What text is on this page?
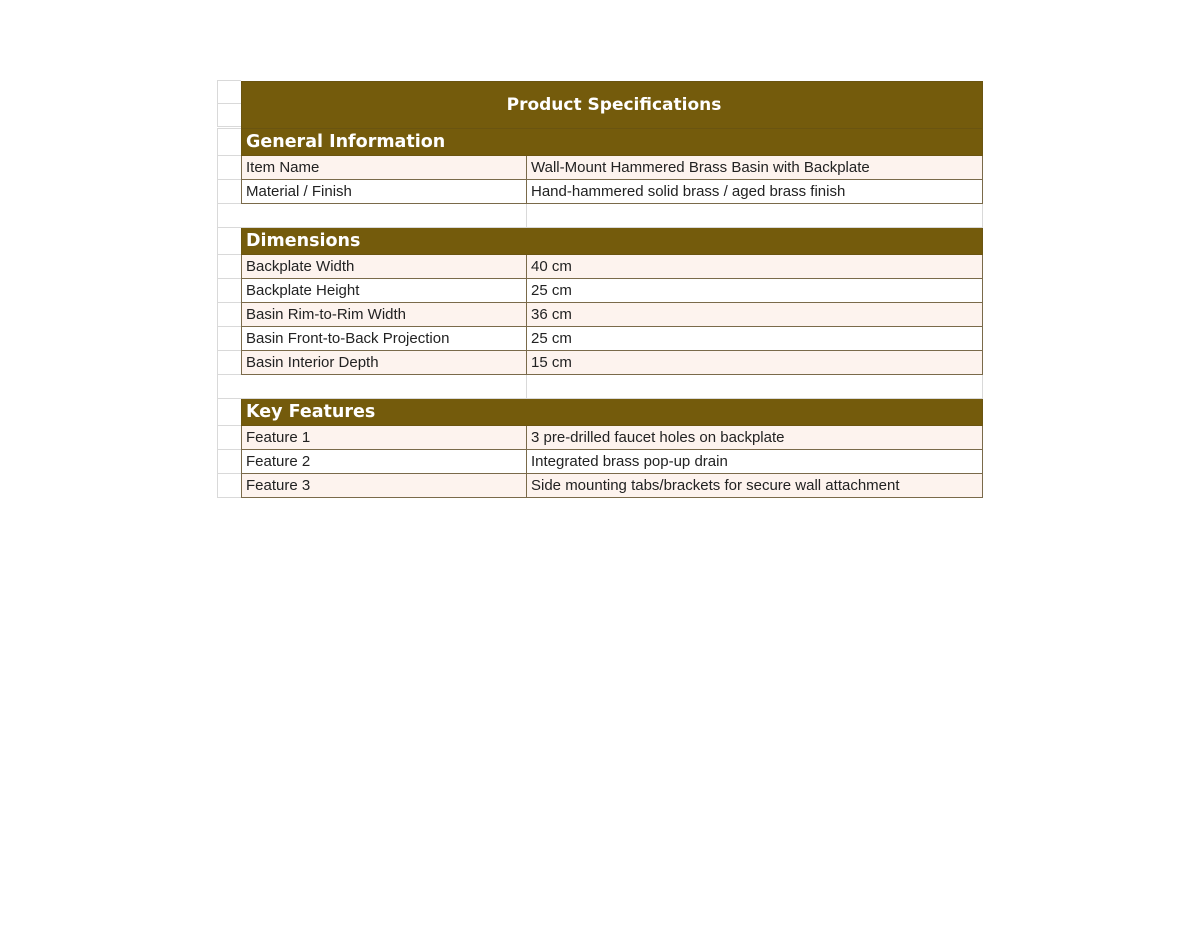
Product Specifications
General Information
Item Name	Wall-Mount Hammered Brass Basin with Backplate
Material / Finish	Hand-hammered solid brass / aged brass finish
Dimensions
Backplate Width	40 cm
Backplate Height	25 cm
Basin Rim-to-Rim Width	36 cm
Basin Front-to-Back Projection	25 cm
Basin Interior Depth	15 cm
Key Features
Feature 1	3 pre-drilled faucet holes on backplate
Feature 2	Integrated brass pop-up drain
Feature 3	Side mounting tabs/brackets for secure wall attachment
